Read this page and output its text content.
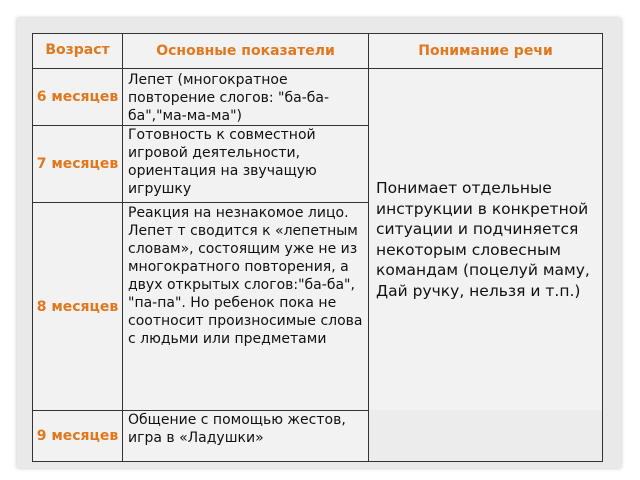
Возраст	Основные показатели	Понимание речи
6 месяцев
7 месяцев
8 месяцев
9 месяцев
Лепет (многократное повторение слогов: "ба-ба-ба","ма-ма-ма")
Готовность к совместной игровой деятельности, ориентация на звучащую игрушку
Реакция на незнакомое лицо. Лепет т сводится к «лепетным словам», состоящим уже не из многократного повторения, а двух открытых слогов:"ба-ба", "па-па". Но ребенок пока не соотносит произносимые слова с людьми или предметами
Общение с помощью жестов, игра в «Ладушки»
Понимает отдельные инструкции в конкретной ситуации и подчиняется некоторым словесным командам (поцелуй маму, Дай ручку, нельзя и т.п.)
